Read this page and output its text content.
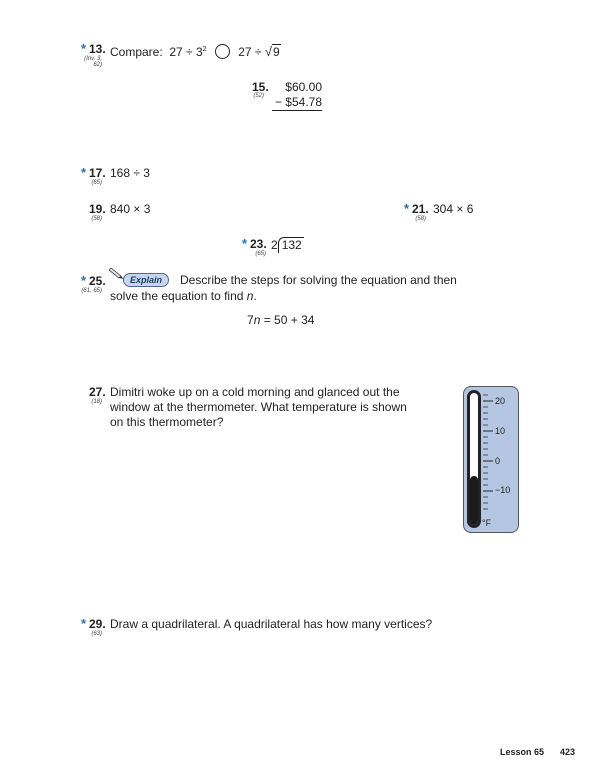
* 13.
(Inv. 3, 62)
Compare: $27 \div 3^2$	27 ÷ √9
15.
(52)
$60.00
− $54.78
* 17.
(65)
168 ÷ 3
19.
(58)
840 × 3	* 21.
(58)
304 × 6
* 23.
(65)
2 132
* 25.
(61, 65)
Explain	Describe the steps for solving the equation and then
solve the equation to find n.
7n = 50 + 34
27.
(18)
Dimitri woke up on a cold morning and glanced out the
window at the thermometer. What temperature is shown
on this thermometer?
20
10
0
−10
°F
* 29.
(63)
Draw a quadrilateral. A quadrilateral has how many vertices?
Lesson 65 423
